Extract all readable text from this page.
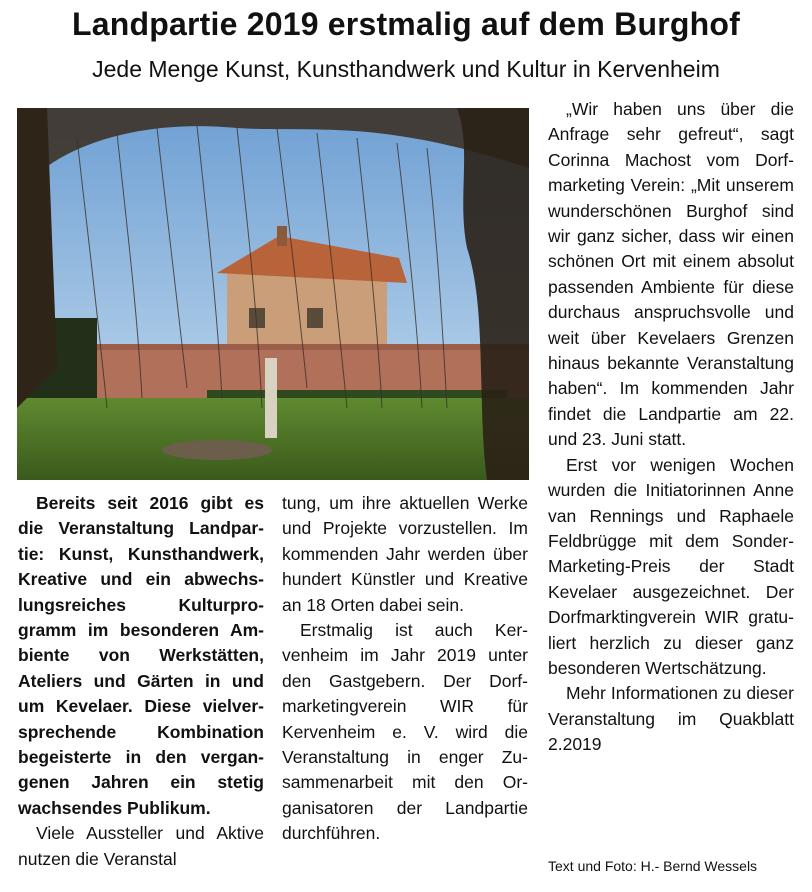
Landpartie 2019 erstmalig auf dem Burghof
Jede Menge Kunst, Kunsthandwerk und Kultur in Kervenheim

Bereits seit 2016 gibt es die Veranstaltung Landpartie: Kunst, Kunsthandwerk, Kreative und ein abwechslungsreiches Kulturprogramm im besonderen Ambiente von Werkstätten, Ateliers und Gärten in und um Kevelaer. Diese vielversprechende Kombination begeisterte in den vergangenen Jahren ein stetig wachsendes Publikum.

Viele Aussteller und Aktive nutzen die Veranstal

tung, um ihre aktuellen Werke und Projekte vorzustellen. Im kommenden Jahr werden über hundert Künstler und Kreative an 18 Orten dabei sein.

Erstmalig ist auch Kervenheim im Jahr 2019 unter den Gastgebern. Der Dorfmarketingverein WIR für Kervenheim e. V. wird die Veranstaltung in enger Zusammenarbeit mit den Organisatoren der Landpartie durchführen.

„Wir haben uns über die Anfrage sehr gefreut“, sagt Corinna Machost vom Dorfmarketing Verein: „Mit unserem wunderschönen Burghof sind wir ganz sicher, dass wir einen schönen Ort mit einem absolut passenden Ambiente für diese durchaus anspruchsvolle und weit über Kevelaers Grenzen hinaus bekannte Veranstaltung haben“. Im kommenden Jahr findet die Landpartie am 22. und 23. Juni statt.

Erst vor wenigen Wochen wurden die Initiatorinnen Anne van Rennings und Raphaele Feldbrügge mit dem Sonder-Marketing-Preis der Stadt Kevelaer ausgezeichnet. Der Dorfmarktingverein WIR gratuliert herzlich zu dieser ganz besonderen Wertschätzung.

Mehr Informationen zu dieser Veranstaltung im Quakblatt 2.2019

Text und Foto: H.- Bernd Wessels
